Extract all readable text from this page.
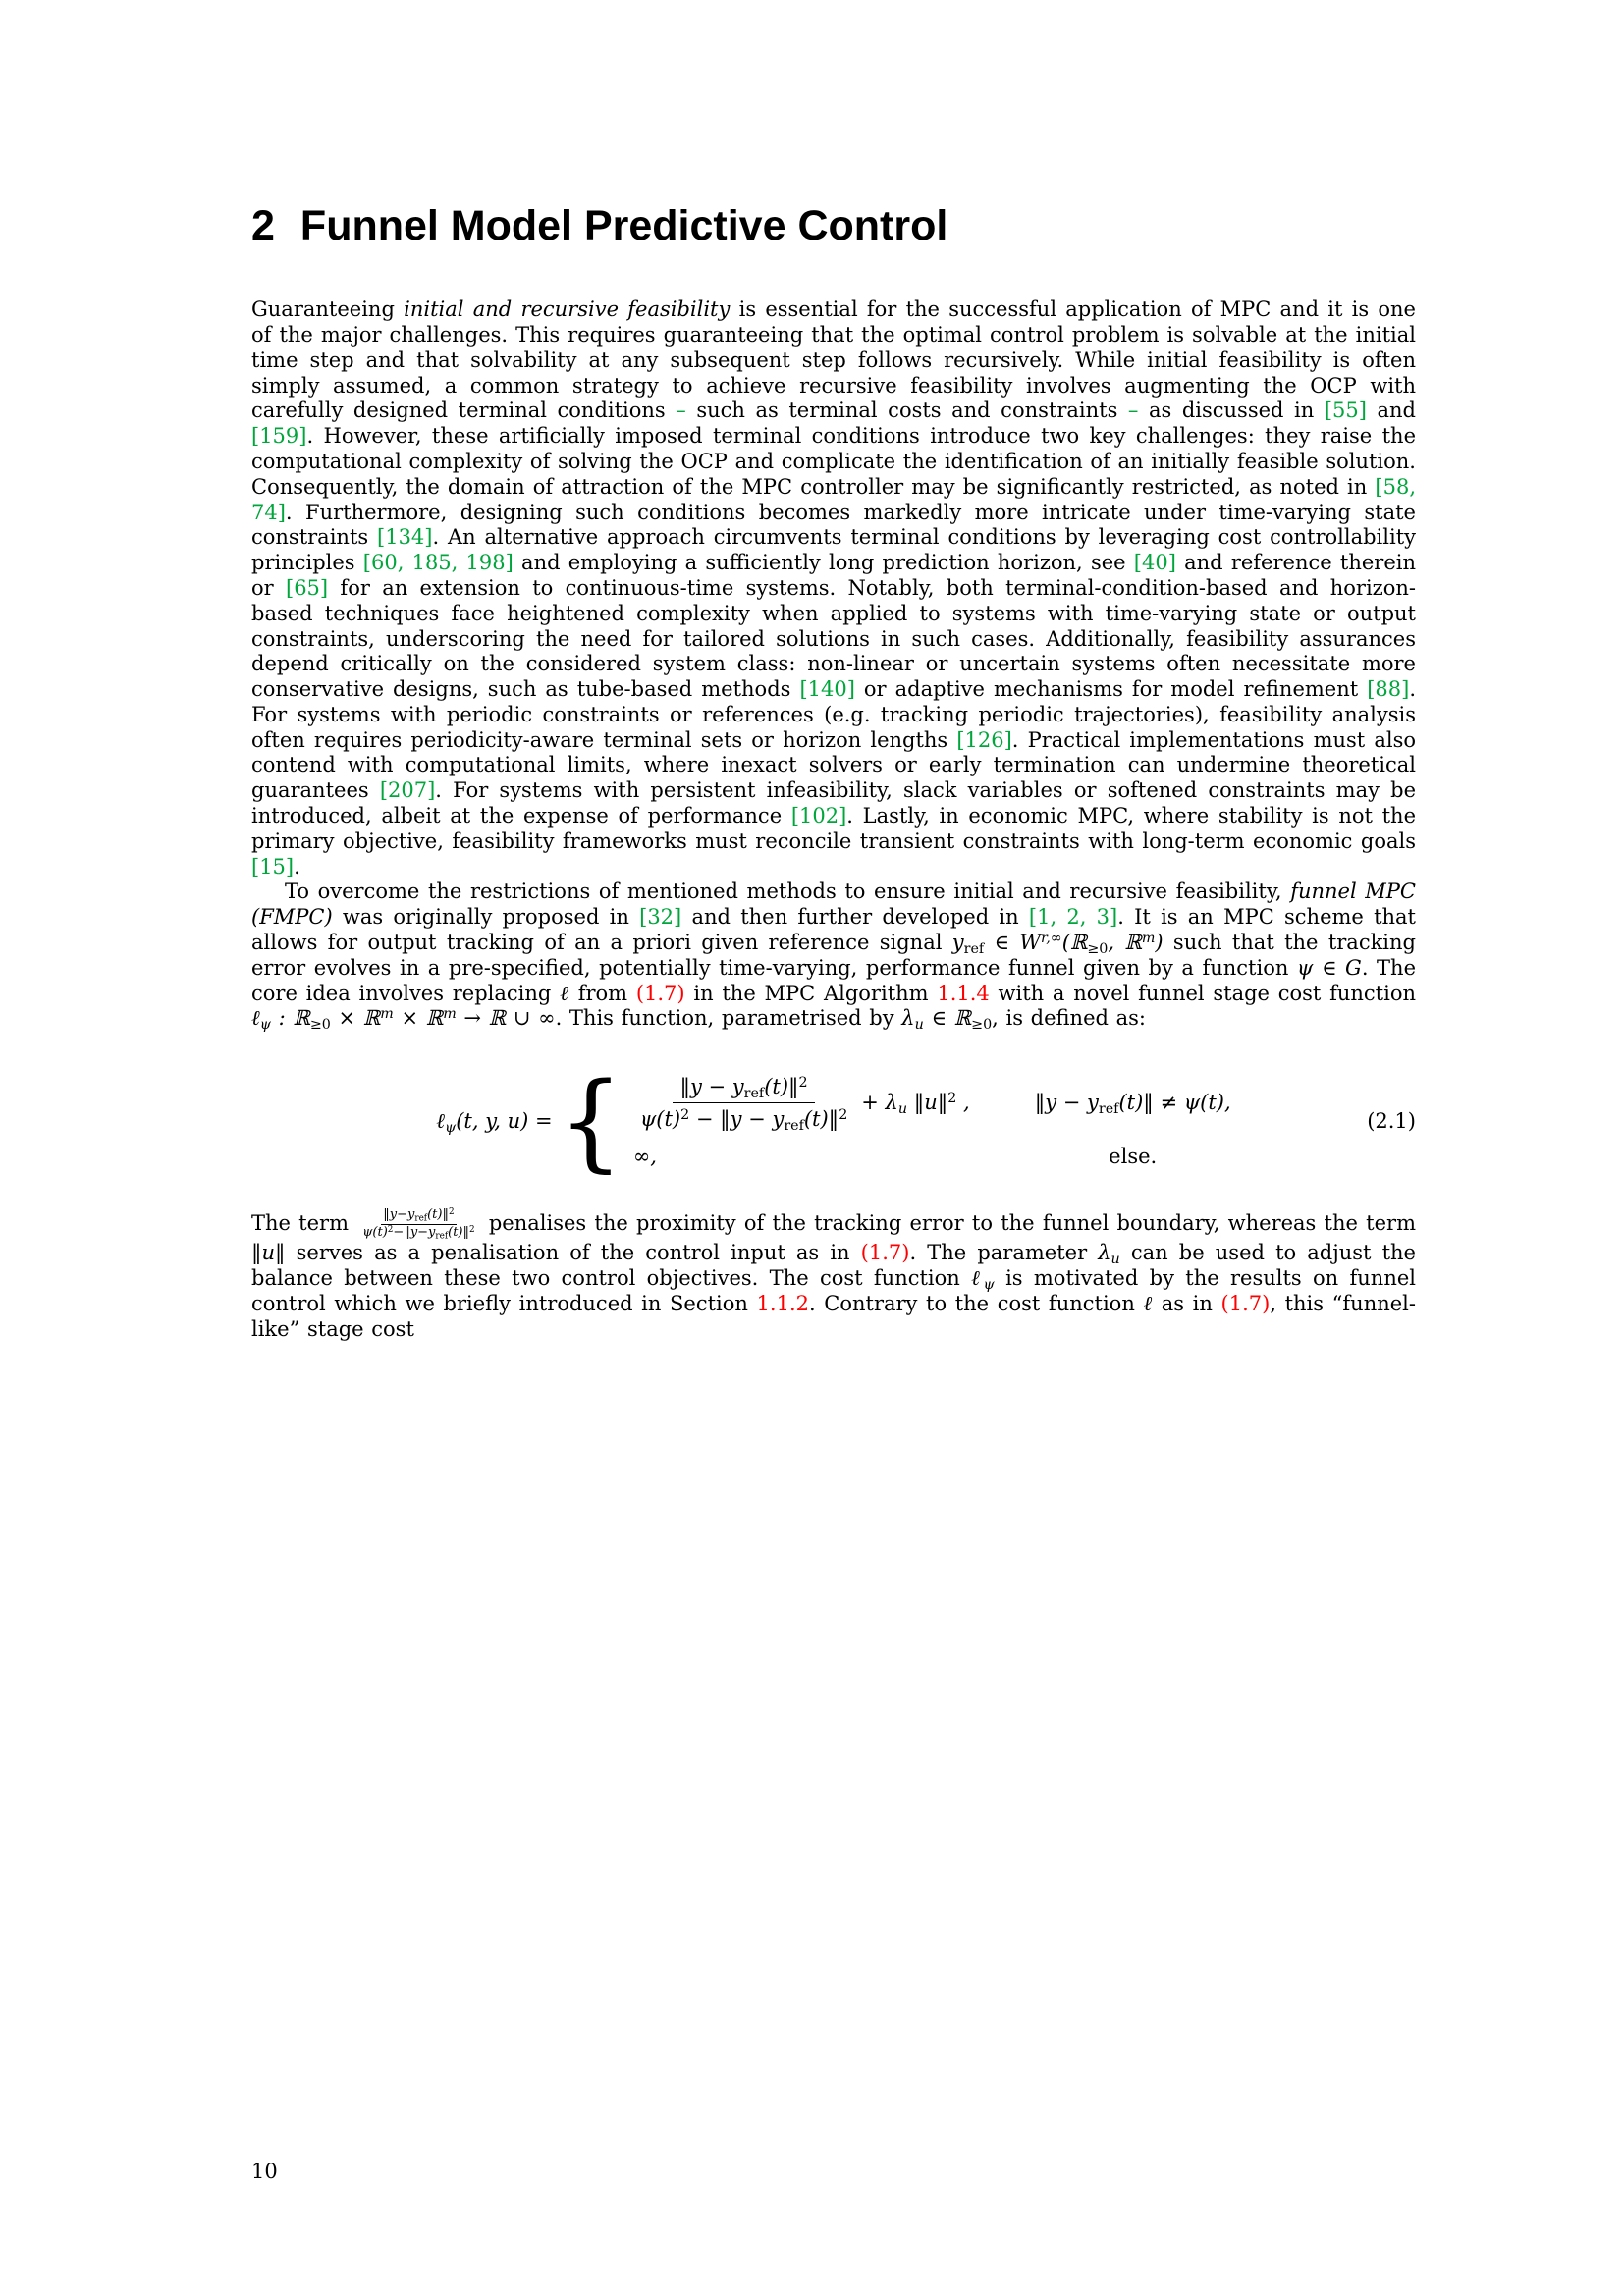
2 Funnel Model Predictive Control

Guaranteeing initial and recursive feasibility is essential for the successful application of MPC and it is one of the major challenges. This requires guaranteeing that the optimal control problem is solvable at the initial time step and that solvability at any subsequent step follows recursively. While initial feasibility is often simply assumed, a common strategy to achieve recursive feasibility involves augmenting the OCP with carefully designed terminal conditions – such as terminal costs and constraints – as discussed in [55] and [159]. However, these artificially imposed terminal conditions introduce two key challenges: they raise the computational complexity of solving the OCP and complicate the identification of an initially feasible solution. Consequently, the domain of attraction of the MPC controller may be significantly restricted, as noted in [58, 74]. Furthermore, designing such conditions becomes markedly more intricate under time-varying state constraints [134]. An alternative approach circumvents terminal conditions by leveraging cost controllability principles [60, 185, 198] and employing a sufficiently long prediction horizon, see [40] and reference therein or [65] for an extension to continuous-time systems. Notably, both terminal-condition-based and horizon-based techniques face heightened complexity when applied to systems with time-varying state or output constraints, underscoring the need for tailored solutions in such cases. Additionally, feasibility assurances depend critically on the considered system class: non-linear or uncertain systems often necessitate more conservative designs, such as tube-based methods [140] or adaptive mechanisms for model refinement [88]. For systems with periodic constraints or references (e.g. tracking periodic trajectories), feasibility analysis often requires periodicity-aware terminal sets or horizon lengths [126]. Practical implementations must also contend with computational limits, where inexact solvers or early termination can undermine theoretical guarantees [207]. For systems with persistent infeasibility, slack variables or softened constraints may be introduced, albeit at the expense of performance [102]. Lastly, in economic MPC, where stability is not the primary objective, feasibility frameworks must reconcile transient constraints with long-term economic goals [15].

To overcome the restrictions of mentioned methods to ensure initial and recursive feasibility, funnel MPC (FMPC) was originally proposed in [32] and then further developed in [1, 2, 3]. It is an MPC scheme that allows for output tracking of an a priori given reference signal $y_{ref}$ ∈ $W^{r,\infty}(ℝ_{\ge 0}$, ℝ$^m$) such that the tracking error evolves in a pre-specified, potentially time-varying, performance funnel given by a function ψ ∈ G. The core idea involves replacing ℓ from (1.7) in the MPC Algorithm 1.1.4 with a novel funnel stage cost function ℓ$_\psi$ : ℝ$_{\ge 0}$ × ℝ$^m$ × ℝ$^m$ → ℝ ∪ ∞. This function, parametrised by $\lambda_u$ ∈ ℝ$_{\ge 0}$, is defined as:

ℓ$_\psi$(t, y, u) = { $\frac{‖y - y_{ref}(t)‖^2}{\psi(t)^2 - ‖y - y_{ref}(t)‖^2} + \lambda_u$ ‖u‖$^2$ ,	‖y − $y_{ref}(t)‖ \ne \psi(t)$,
∞,	else.
(2.1)

The term $‖y-y_{ref}(t)‖^2$
$\psi(t)^2-‖y-y_{ref}(t)‖^2$ penalises the proximity of the tracking error to the funnel boundary, whereas the term ‖u‖ serves as a penalisation of the control input as in (1.7). The parameter $\lambda_u$ can be used to adjust the balance between these two control objectives. The cost function ℓ$_\psi$ is motivated by the results on funnel control which we briefly introduced in Section 1.1.2. Contrary to the cost function ℓ as in (1.7), this “funnel-like” stage cost

10
